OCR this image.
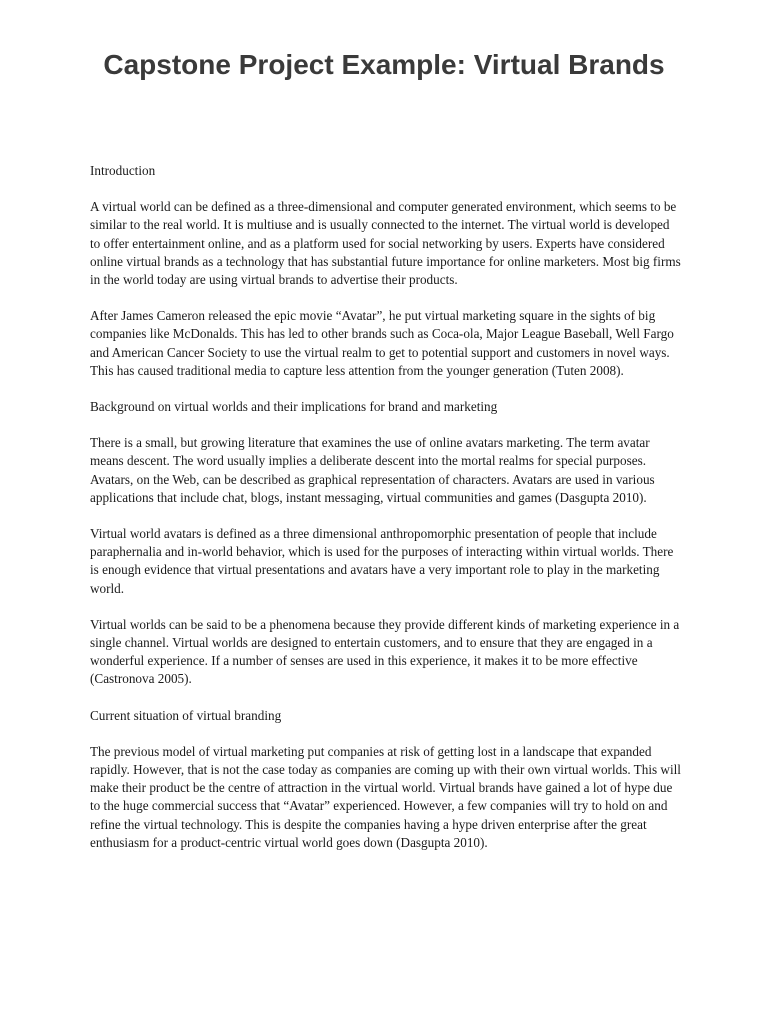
Capstone Project Example: Virtual Brands

Introduction

A virtual world can be defined as a three-dimensional and computer generated environment, which seems to be similar to the real world. It is multiuse and is usually connected to the internet. The virtual world is developed to offer entertainment online, and as a platform used for social networking by users. Experts have considered online virtual brands as a technology that has substantial future importance for online marketers. Most big firms in the world today are using virtual brands to advertise their products.

After James Cameron released the epic movie “Avatar”, he put virtual marketing square in the sights of big companies like McDonalds. This has led to other brands such as Coca-ola, Major League Baseball, Well Fargo and American Cancer Society to use the virtual realm to get to potential support and customers in novel ways. This has caused traditional media to capture less attention from the younger generation (Tuten 2008).

Background on virtual worlds and their implications for brand and marketing

There is a small, but growing literature that examines the use of online avatars marketing. The term avatar means descent. The word usually implies a deliberate descent into the mortal realms for special purposes. Avatars, on the Web, can be described as graphical representation of characters. Avatars are used in various applications that include chat, blogs, instant messaging, virtual communities and games (Dasgupta 2010).

Virtual world avatars is defined as a three dimensional anthropomorphic presentation of people that include paraphernalia and in-world behavior, which is used for the purposes of interacting within virtual worlds. There is enough evidence that virtual presentations and avatars have a very important role to play in the marketing world.

Virtual worlds can be said to be a phenomena because they provide different kinds of marketing experience in a single channel. Virtual worlds are designed to entertain customers, and to ensure that they are engaged in a wonderful experience. If a number of senses are used in this experience, it makes it to be more effective (Castronova 2005).

Current situation of virtual branding

The previous model of virtual marketing put companies at risk of getting lost in a landscape that expanded rapidly. However, that is not the case today as companies are coming up with their own virtual worlds. This will make their product be the centre of attraction in the virtual world. Virtual brands have gained a lot of hype due to the huge commercial success that “Avatar” experienced. However, a few companies will try to hold on and refine the virtual technology. This is despite the companies having a hype driven enterprise after the great enthusiasm for a product-centric virtual world goes down (Dasgupta 2010).
